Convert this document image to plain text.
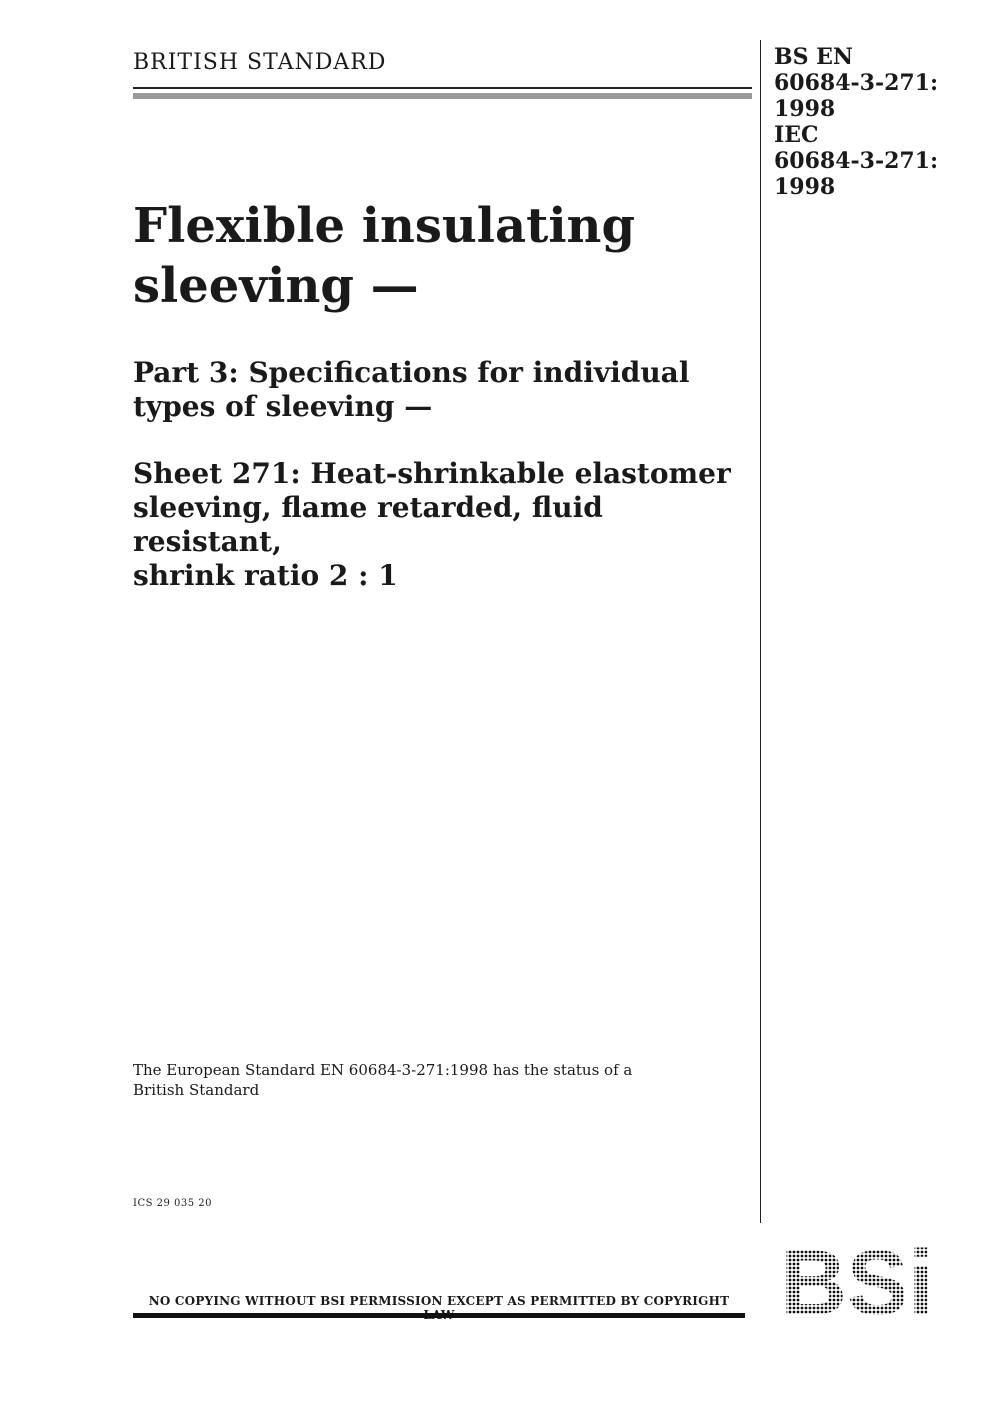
BRITISH STANDARD	BS EN
60684-3-271:
1998
IEC
60684-3-271:
1998
Flexible insulating
sleeving —
Part 3: Specifications for individual
types of sleeving —
Sheet 271: Heat-shrinkable elastomer
sleeving, flame retarded, fluid resistant,
shrink ratio 2 : 1
The European Standard EN 60684-3-271:1998 has the status of a
British Standard
ICS 29 035 20
NO COPYING WITHOUT BSI PERMISSION EXCEPT AS PERMITTED BY COPYRIGHT BSi
